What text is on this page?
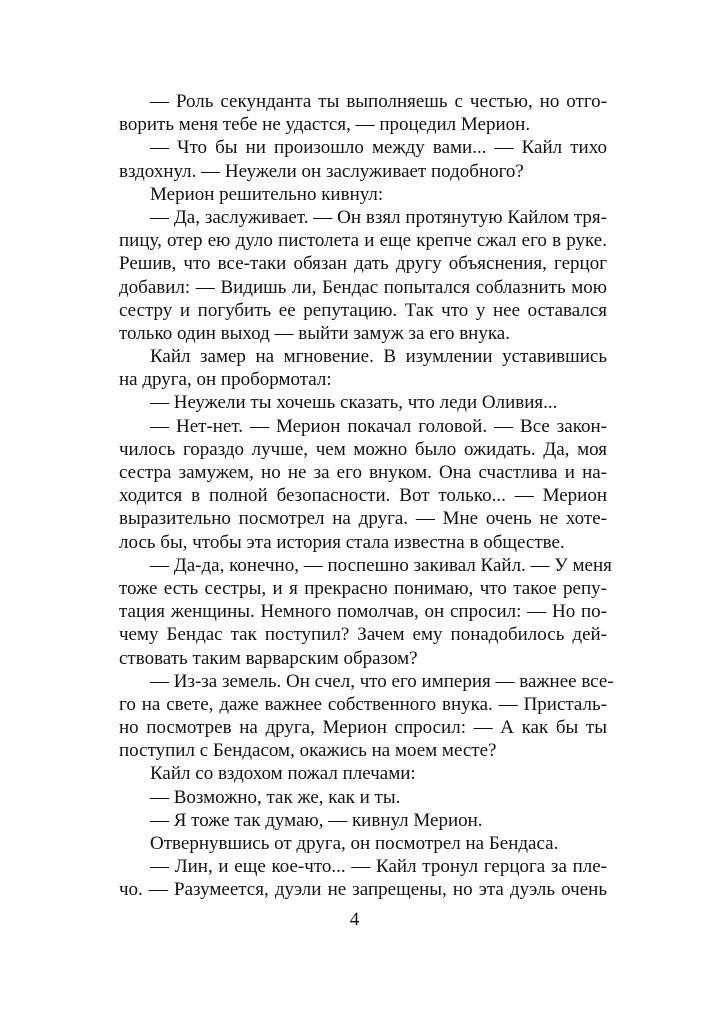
— Роль секунданта ты выполняешь с честью, но отго-
ворить меня тебе не удастся, — процедил Мерион.
— Что бы ни произошло между вами... — Кайл тихо
вздохнул. — Неужели он заслуживает подобного?
Мерион решительно кивнул:
— Да, заслуживает. — Он взял протянутую Кайлом тря-
пицу, отер ею дуло пистолета и еще крепче сжал его в руке.
Решив, что все-таки обязан дать другу объяснения, герцог
добавил: — Видишь ли, Бендас попытался соблазнить мою
сестру и погубить ее репутацию. Так что у нее оставался
только один выход — выйти замуж за его внука.
Кайл замер на мгновение. В изумлении уставившись
на друга, он пробормотал:
— Неужели ты хочешь сказать, что леди Оливия...
— Нет-нет. — Мерион покачал головой. — Все закон-
чилось гораздо лучше, чем можно было ожидать. Да, моя
сестра замужем, но не за его внуком. Она счастлива и на-
ходится в полной безопасности. Вот только... — Мерион
выразительно посмотрел на друга. — Мне очень не хоте-
лось бы, чтобы эта история стала известна в обществе.
— Да-да, конечно, — поспешно закивал Кайл. — У меня
тоже есть сестры, и я прекрасно понимаю, что такое репу-
тация женщины. Немного помолчав, он спросил: — Но по-
чему Бендас так поступил? Зачем ему понадобилось дей-
ствовать таким варварским образом?
— Из-за земель. Он счел, что его империя — важнее все-
го на свете, даже важнее собственного внука. — Присталь-
но посмотрев на друга, Мерион спросил: — А как бы ты
поступил с Бендасом, окажись на моем месте?
Кайл со вздохом пожал плечами:
— Возможно, так же, как и ты.
— Я тоже так думаю, — кивнул Мерион.
Отвернувшись от друга, он посмотрел на Бендаса.
— Лин, и еще кое-что... — Кайл тронул герцога за пле-
чо. — Разумеется, дуэли не запрещены, но эта дуэль очень
4
